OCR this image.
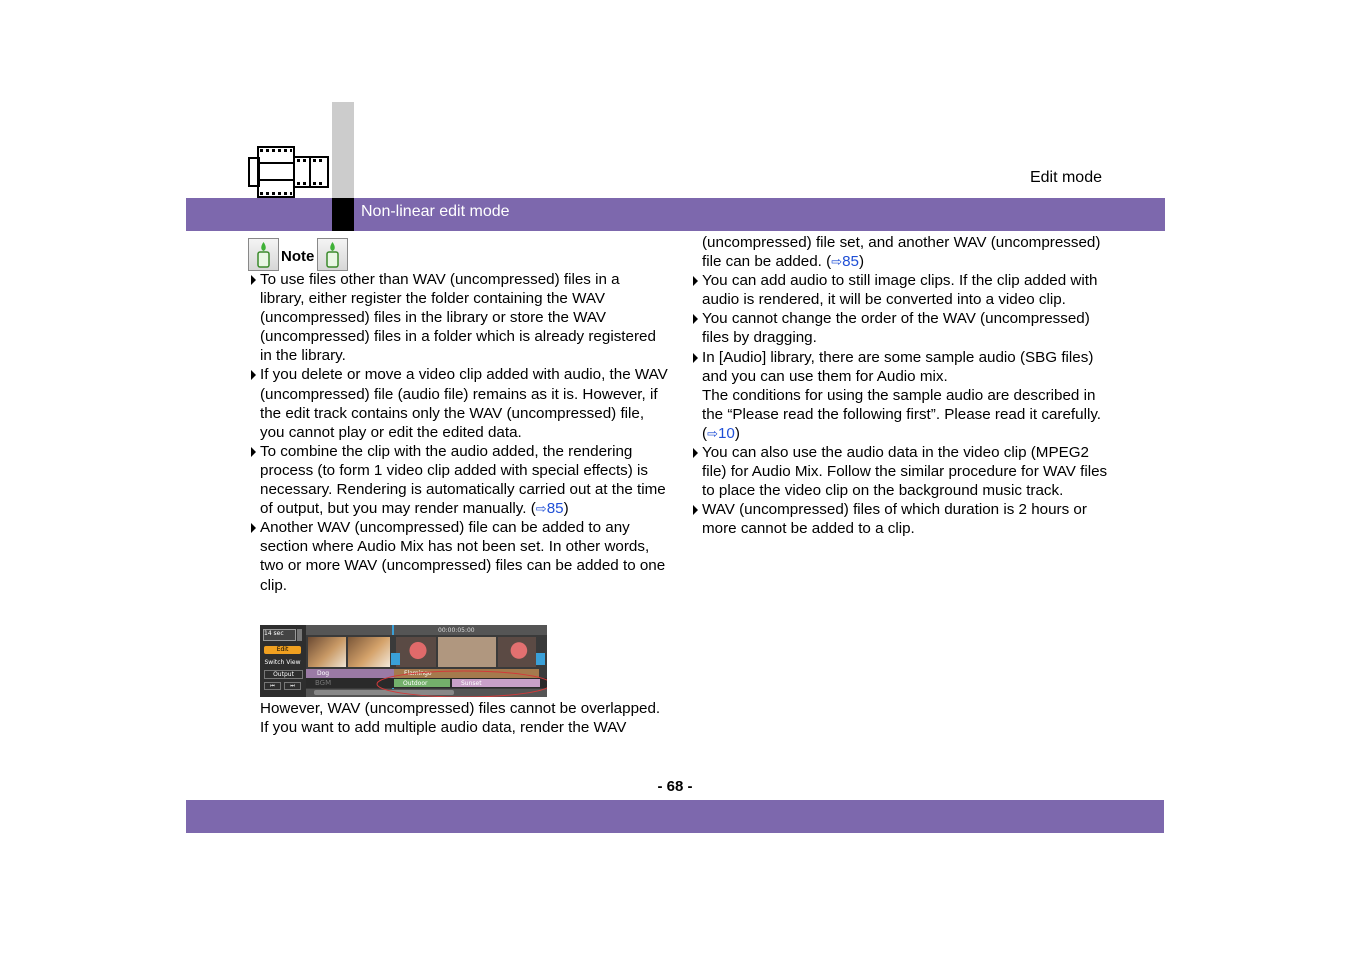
Non-linear edit mode
Edit mode
Note
To use files other than WAV (uncompressed) files in a library, either register the folder containing the WAV (uncompressed) files in the library or store the WAV (uncompressed) files in a folder which is already registered in the library.
If you delete or move a video clip added with audio, the WAV (uncompressed) file (audio file) remains as it is. However, if the edit track contains only the WAV (uncompressed) file, you cannot play or edit the edited data.
To combine the clip with the audio added, the rendering process (to form 1 video clip added with special effects) is necessary. Rendering is automatically carried out at the time of output, but you may render manually. (⇨85)
Another WAV (uncompressed) file can be added to any section where Audio Mix has not been set. In other words, two or more WAV (uncompressed) files can be added to one clip.
14 sec
Edit
Switch View
Output
⏮	⏭
00:00:05:00
Dog	Flamingo
BGM	Outdoor	Sunset
However, WAV (uncompressed) files cannot be overlapped.
If you want to add multiple audio data, render the WAV
(uncompressed) file set, and another WAV (uncompressed) file can be added. (⇨85)
You can add audio to still image clips. If the clip added with audio is rendered, it will be converted into a video clip.
You cannot change the order of the WAV (uncompressed) files by dragging.
In [Audio] library, there are some sample audio (SBG files) and you can use them for Audio mix.
The conditions for using the sample audio are described in the “Please read the following first”. Please read it carefully. (⇨10)
You can also use the audio data in the video clip (MPEG2 file) for Audio Mix. Follow the similar procedure for WAV files to place the video clip on the background music track.
WAV (uncompressed) files of which duration is 2 hours or more cannot be added to a clip.
- 68 -
